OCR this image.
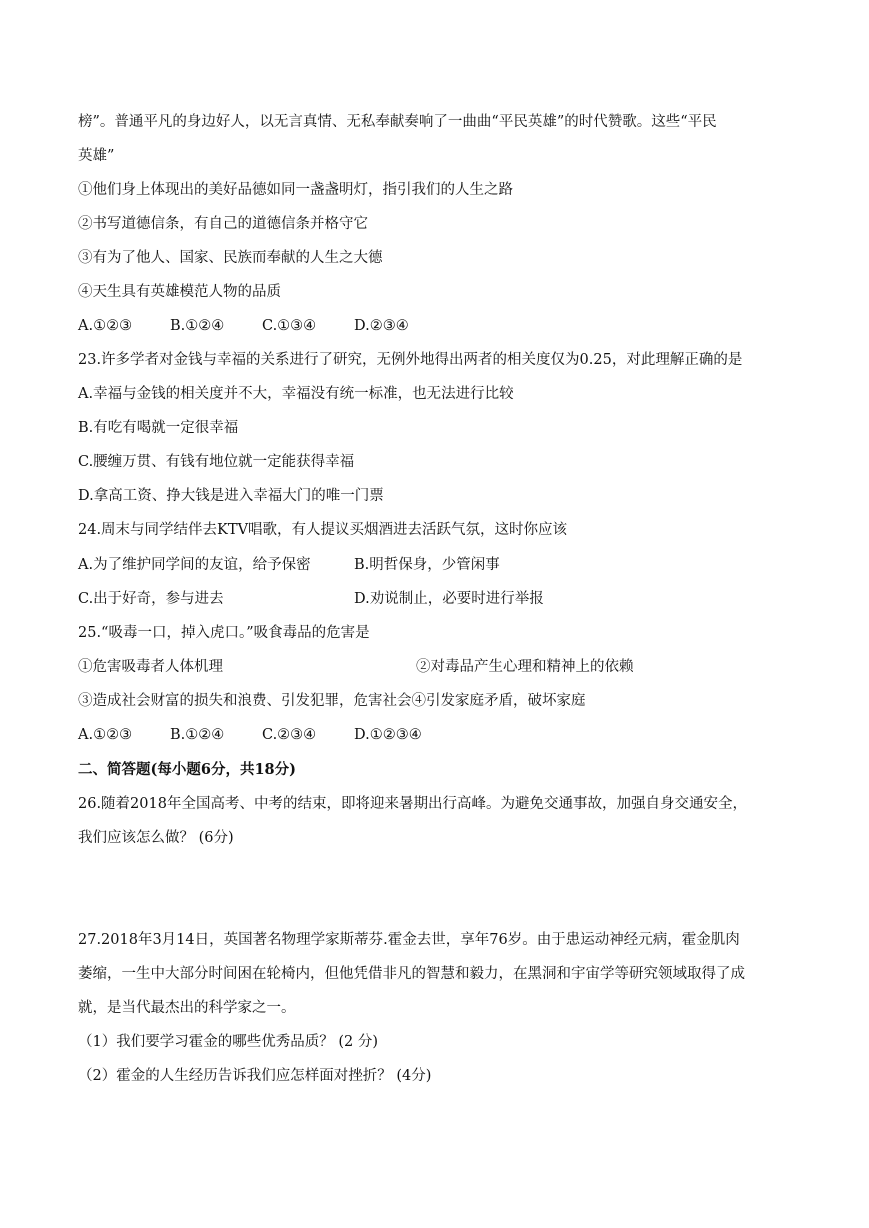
榜”。普通平凡的身边好人，以无言真情、无私奉献奏响了一曲曲“平民英雄”的时代赞歌。这些“平民
英雄”
①他们身上体现出的美好品德如同一盏盏明灯，指引我们的人生之路
②书写道德信条，有自己的道德信条并格守它
③有为了他人、国家、民族而奉献的人生之大德
④天生具有英雄模范人物的品质
A.①②③	B.①②④	C.①③④	D.②③④
23.许多学者对金钱与幸福的关系进行了研究，无例外地得出两者的相关度仅为0.25，对此理解正确的是
A.幸福与金钱的相关度并不大，幸福没有统一标准，也无法进行比较
B.有吃有喝就一定很幸福
C.腰缠万贯、有钱有地位就一定能获得幸福
D.拿高工资、挣大钱是进入幸福大门的唯一门票
24.周末与同学结伴去KTV唱歌，有人提议买烟酒进去活跃气氛，这时你应该
A.为了维护同学间的友谊，给予保密	B.明哲保身，少管闲事
C.出于好奇，参与进去	D.劝说制止，必要时进行举报
25.“吸毒一口，掉入虎口。”吸食毒品的危害是
①危害吸毒者人体机理	②对毒品产生心理和精神上的依赖
③造成社会财富的损失和浪费、引发犯罪，危害社会④引发家庭矛盾，破坏家庭
A.①②③	B.①②④	C.②③④	D.①②③④
二、简答题(每小题6分，共18分)
26.随着2018年全国高考、中考的结束，即将迎来暑期出行高峰。为避免交通事故，加强自身交通安全，
我们应该怎么做？ (6分)
27.2018年3月14日，英国著名物理学家斯蒂芬.霍金去世，享年76岁。由于患运动神经元病，霍金肌肉
萎缩，一生中大部分时间困在轮椅内，但他凭借非凡的智慧和毅力，在黑洞和宇宙学等研究领域取得了成
就，是当代最杰出的科学家之一。
（1）我们要学习霍金的哪些优秀品质？ (2 分)
（2）霍金的人生经历告诉我们应怎样面对挫折？ (4分)
